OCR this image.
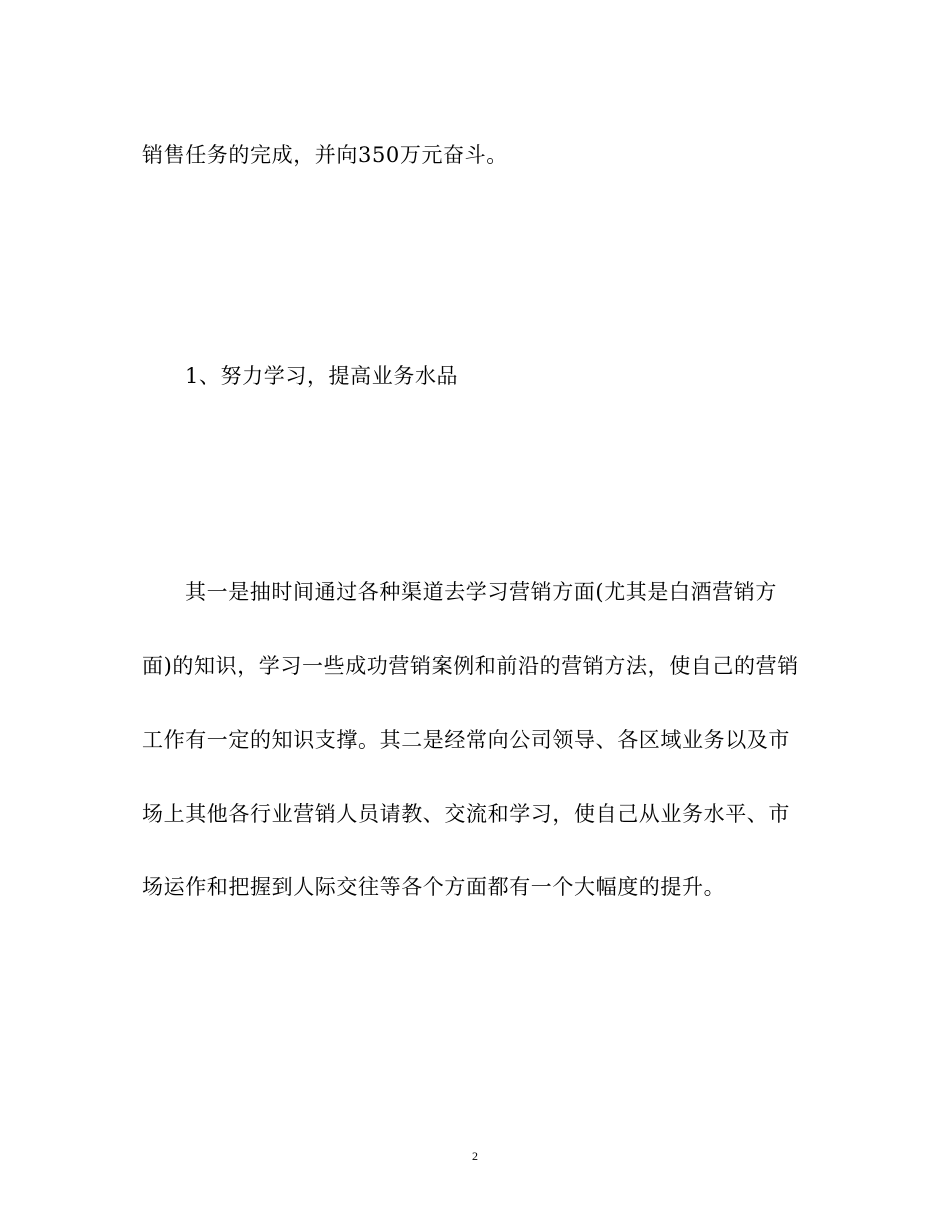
销售任务的完成，并向350万元奋斗。
1、努力学习，提高业务水品
其一是抽时间通过各种渠道去学习营销方面(尤其是白酒营销方
面)的知识，学习一些成功营销案例和前沿的营销方法，使自己的营销
工作有一定的知识支撑。其二是经常向公司领导、各区域业务以及市
场上其他各行业营销人员请教、交流和学习，使自己从业务水平、市
场运作和把握到人际交往等各个方面都有一个大幅度的提升。
2
